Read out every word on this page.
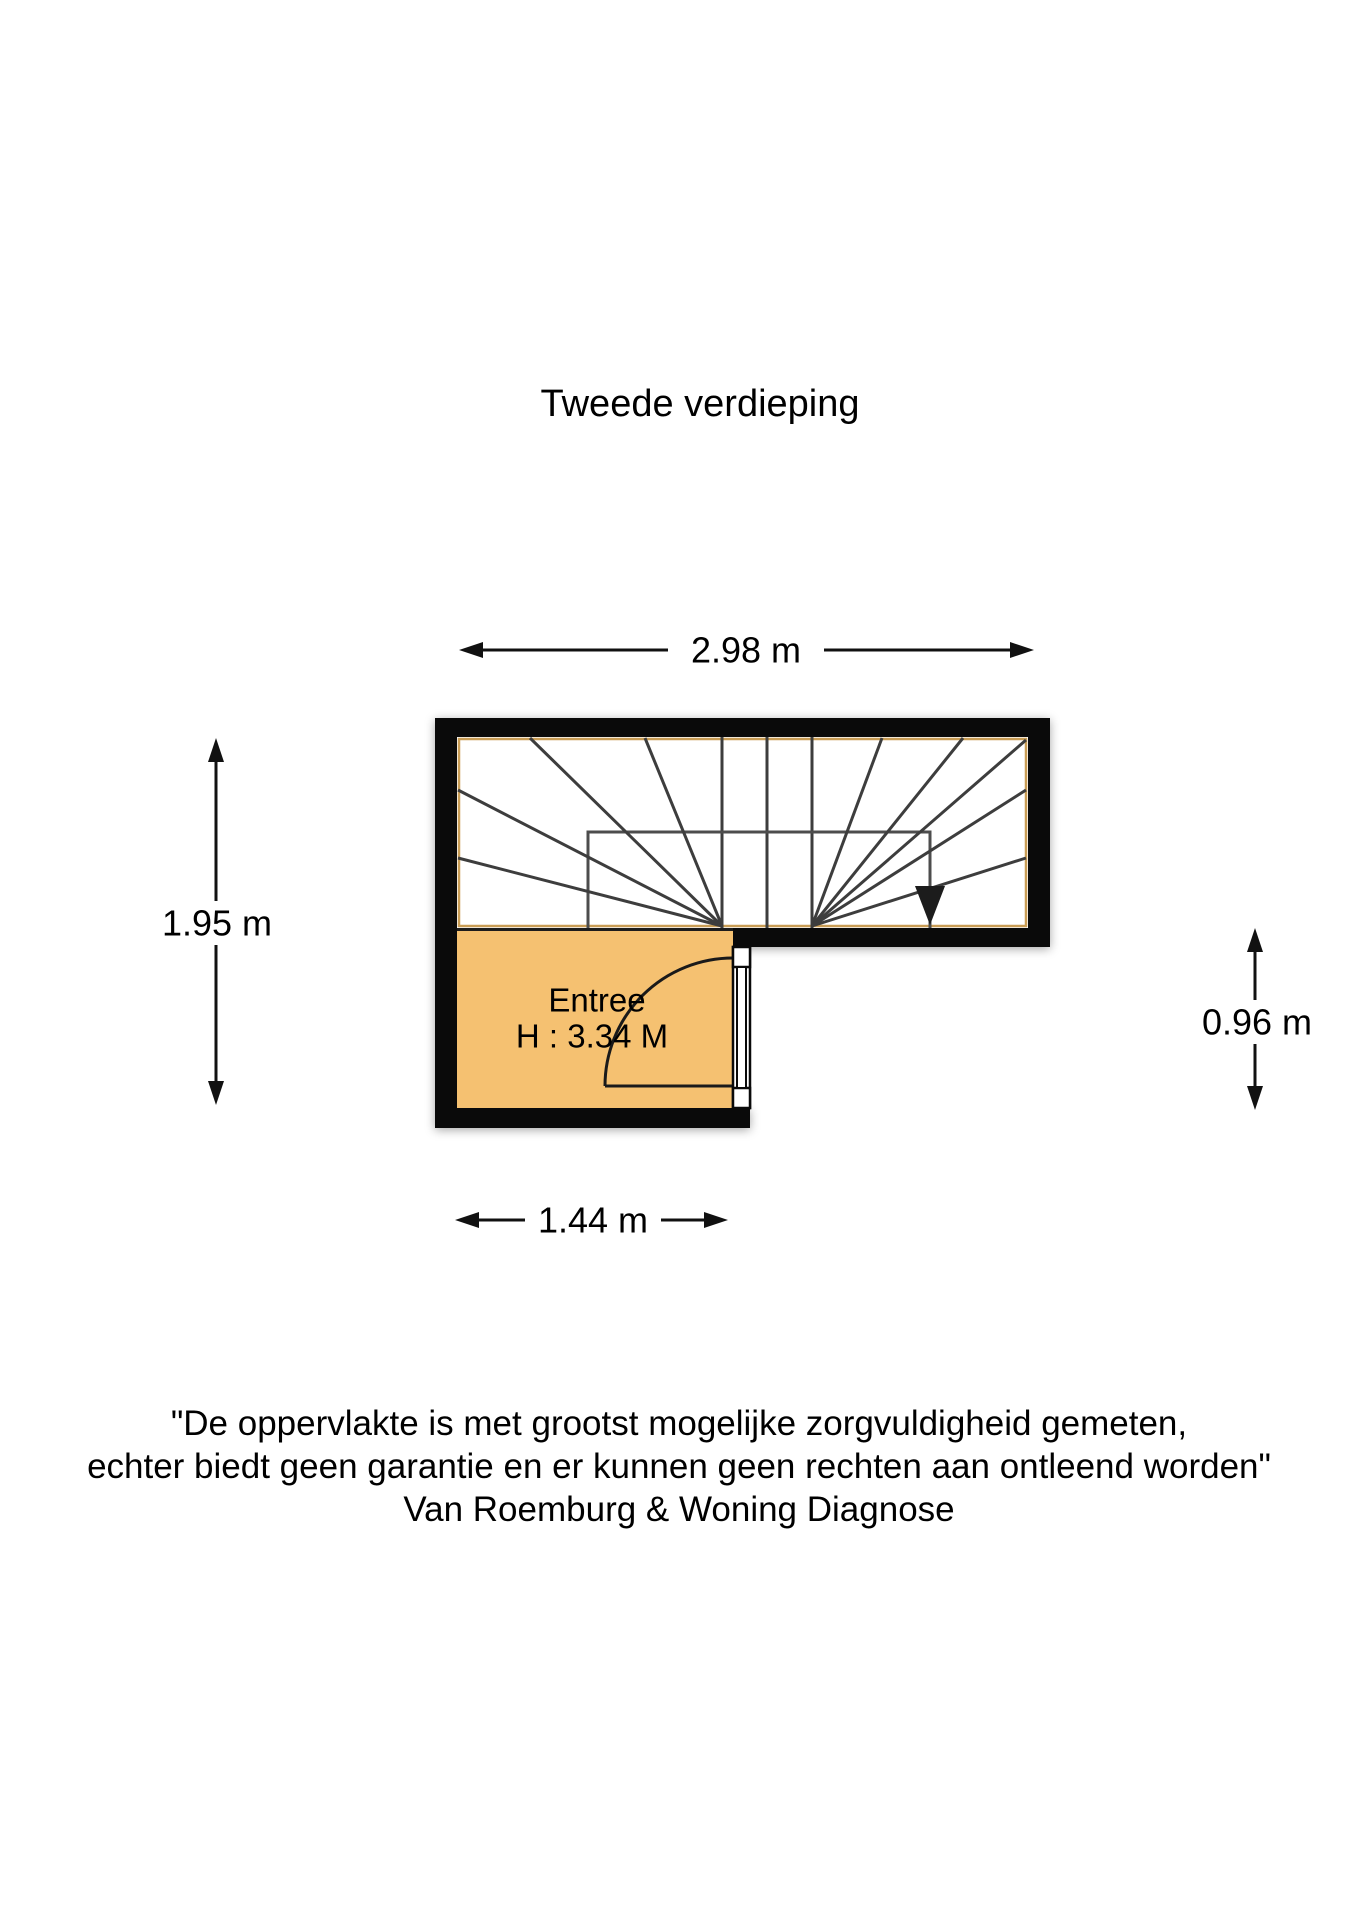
Tweede verdieping
Entree
H : 3.34 M
2.98 m
1.95 m
0.96 m
1.44 m
"De oppervlakte is met grootst mogelijke zorgvuldigheid gemeten,
echter biedt geen garantie en er kunnen geen rechten aan ontleend worden"
Van Roemburg & Woning Diagnose
